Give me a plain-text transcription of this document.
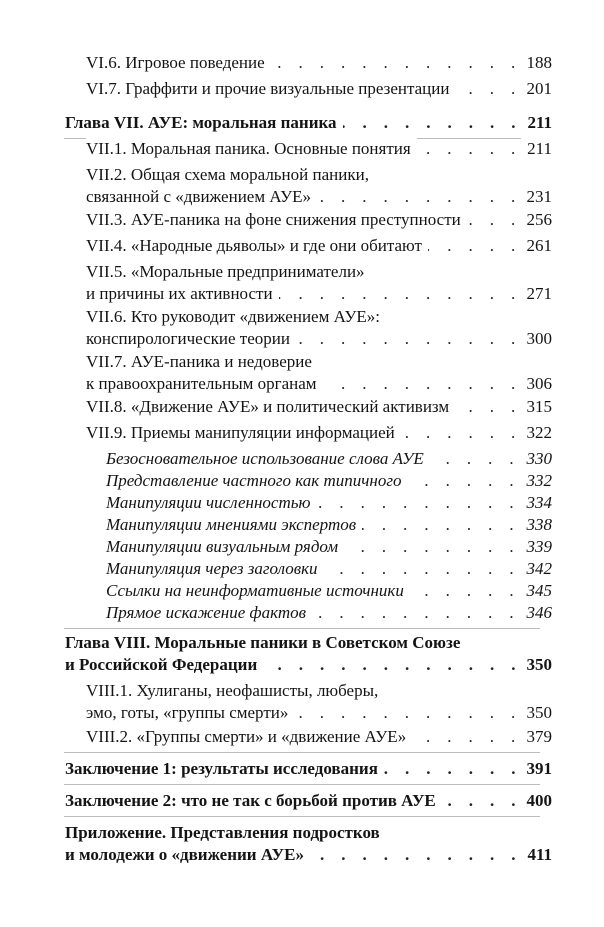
.
VI.6. Игровое поведение	188
.
VI.7. Граффити и прочие визуальные презентации	201
.
Глава VII. АУЕ: моральная паника	211
.
VII.1. Моральная паника. Основные понятия	211
VII.2. Общая схема моральной паники,
.
связанной с «движением АУЕ»	231
.
VII.3. АУЕ-паника на фоне снижения преступности	256
.
VII.4. «Народные дьяволы» и где они обитают	261
VII.5. «Моральные предприниматели»
.
и причины их активности	271
VII.6. Кто руководит «движением АУЕ»:
.
конспирологические теории	300
VII.7. АУЕ-паника и недоверие
.
к правоохранительным органам	306
.
VII.8. «Движение АУЕ» и политический активизм	315
.
VII.9. Приемы манипуляции информацией	322
.
Безосновательное использование слова АУЕ	330
.
Представление частного как типичного	332
.
Манипуляции численностью	334
.
Манипуляции мнениями экспертов	338
.
Манипуляции визуальным рядом	339
.
Манипуляция через заголовки	342
.
Ссылки на неинформативные источники	345
.
Прямое искажение фактов	346
Глава VIII. Моральные паники в Советском Союзе
.
и Российской Федерации	350
VIII.1. Хулиганы, неофашисты, люберы,
.
эмо, готы, «группы смерти»	350
.
VIII.2. «Группы смерти» и «движение АУЕ»	379
.
Заключение 1: результаты исследования	391
.
Заключение 2: что не так с борьбой против АУЕ	400
Приложение. Представления подростков
.
и молодежи о «движении АУЕ»	411
